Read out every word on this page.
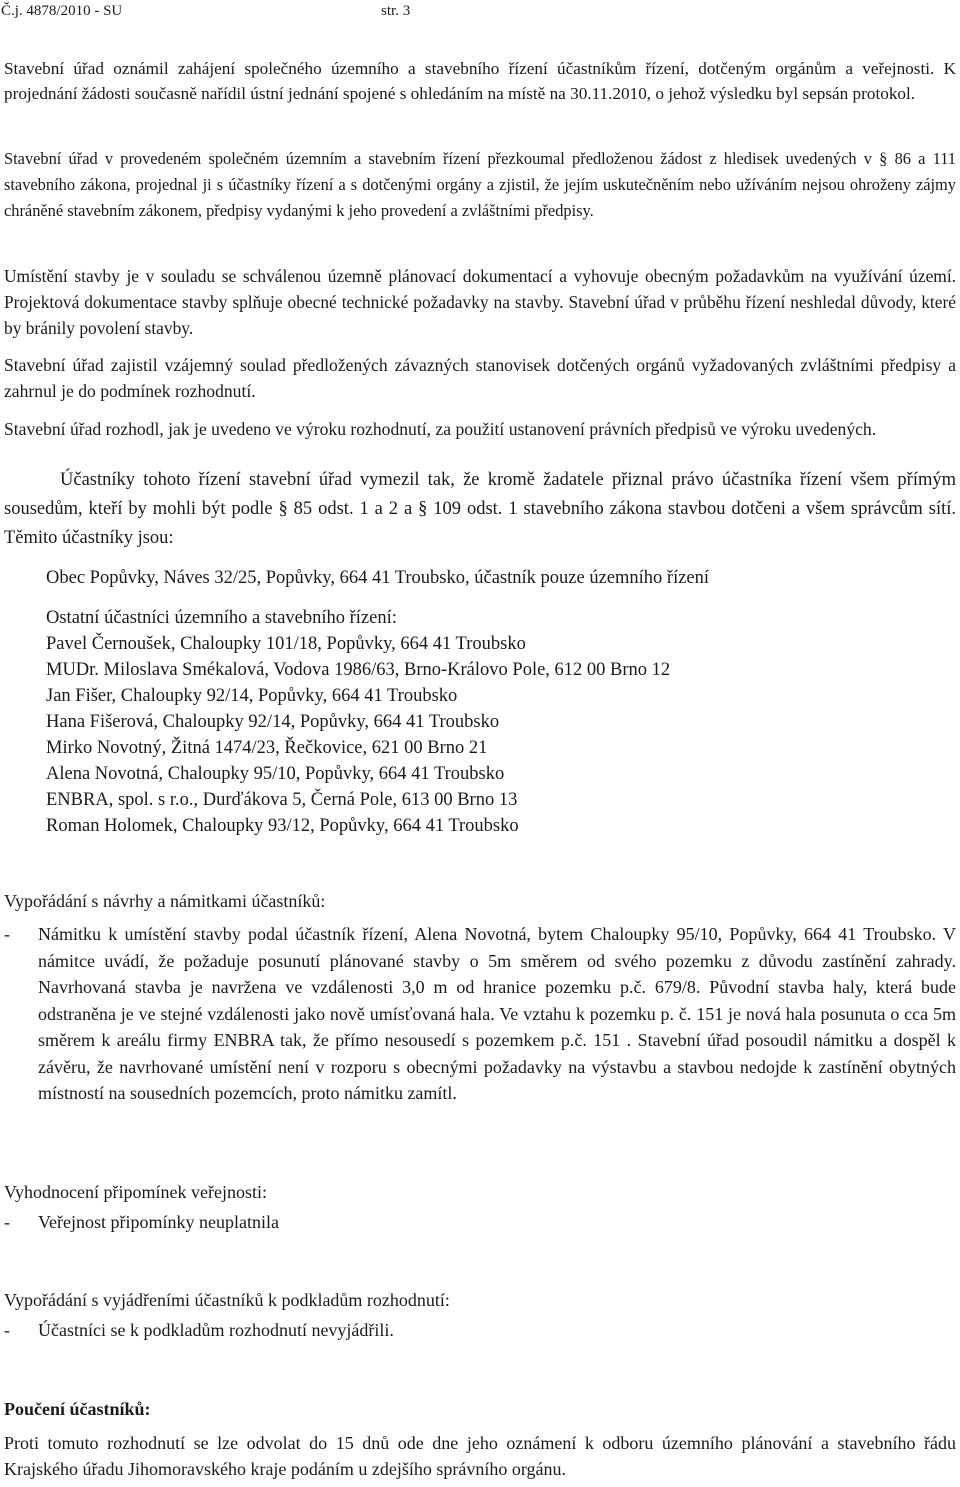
Č.j. 4878/2010 - SU	str. 3

Stavební úřad oznámil zahájení společného územního a stavebního řízení účastníkům řízení, dotčeným orgánům a veřejnosti. K projednání žádosti současně nařídil ústní jednání spojené s ohledáním na místě na 30.11.2010, o jehož výsledku byl sepsán protokol.

Stavební úřad v provedeném společném územním a stavebním řízení přezkoumal předloženou žádost z hledisek uvedených v § 86 a 111 stavebního zákona, projednal ji s účastníky řízení a s dotčenými orgány a zjistil, že jejím uskutečněním nebo užíváním nejsou ohroženy zájmy chráněné stavebním zákonem, předpisy vydanými k jeho provedení a zvláštními předpisy.

Umístění stavby je v souladu se schválenou územně plánovací dokumentací a vyhovuje obecným požadavkům na využívání území. Projektová dokumentace stavby splňuje obecné technické požadavky na stavby. Stavební úřad v průběhu řízení neshledal důvody, které by bránily povolení stavby.

Stavební úřad zajistil vzájemný soulad předložených závazných stanovisek dotčených orgánů vyžadovaných zvláštními předpisy a zahrnul je do podmínek rozhodnutí.

Stavební úřad rozhodl, jak je uvedeno ve výroku rozhodnutí, za použití ustanovení právních předpisů ve výroku uvedených.

Účastníky tohoto řízení stavební úřad vymezil tak, že kromě žadatele přiznal právo účastníka řízení všem přímým sousedům, kteří by mohli být podle § 85 odst. 1 a 2 a § 109 odst. 1 stavebního zákona stavbou dotčeni a všem správcům sítí. Těmito účastníky jsou:

Obec Popůvky, Náves 32/25, Popůvky, 664 41 Troubsko, účastník pouze územního řízení
Ostatní účastníci územního a stavebního řízení:
Pavel Černoušek, Chaloupky 101/18, Popůvky, 664 41 Troubsko
MUDr. Miloslava Smékalová, Vodova 1986/63, Brno-Královo Pole, 612 00 Brno 12
Jan Fišer, Chaloupky 92/14, Popůvky, 664 41 Troubsko
Hana Fišerová, Chaloupky 92/14, Popůvky, 664 41 Troubsko
Mirko Novotný, Žitná 1474/23, Řečkovice, 621 00 Brno 21
Alena Novotná, Chaloupky 95/10, Popůvky, 664 41 Troubsko
ENBRA, spol. s r.o., Durďákova 5, Černá Pole, 613 00 Brno 13
Roman Holomek, Chaloupky 93/12, Popůvky, 664 41 Troubsko
Vypořádání s návrhy a námitkami účastníků:
-	Námitku k umístění stavby podal účastník řízení, Alena Novotná, bytem Chaloupky 95/10, Popůvky, 664 41 Troubsko. V námitce uvádí, že požaduje posunutí plánované stavby o 5m směrem od svého pozemku z důvodu zastínění zahrady. Navrhovaná stavba je navržena ve vzdálenosti 3,0 m od hranice pozemku p.č. 679/8. Původní stavba haly, která bude odstraněna je ve stejné vzdálenosti jako nově umísťovaná hala. Ve vztahu k pozemku p. č. 151 je nová hala posunuta o cca 5m směrem k areálu firmy ENBRA tak, že přímo nesousedí s pozemkem p.č. 151 . Stavební úřad posoudil námitku a dospěl k závěru, že navrhované umístění není v rozporu s obecnými požadavky na výstavbu a stavbou nedojde k zastínění obytných místností na sousedních pozemcích, proto námitku zamítl.
Vyhodnocení připomínek veřejnosti:
-	Veřejnost připomínky neuplatnila
Vypořádání s vyjádřeními účastníků k podkladům rozhodnutí:
-	Účastníci se k podkladům rozhodnutí nevyjádřili.
Poučení účastníků:

Proti tomuto rozhodnutí se lze odvolat do 15 dnů ode dne jeho oznámení k odboru územního plánování a stavebního řádu Krajského úřadu Jihomoravského kraje podáním u zdejšího správního orgánu.
